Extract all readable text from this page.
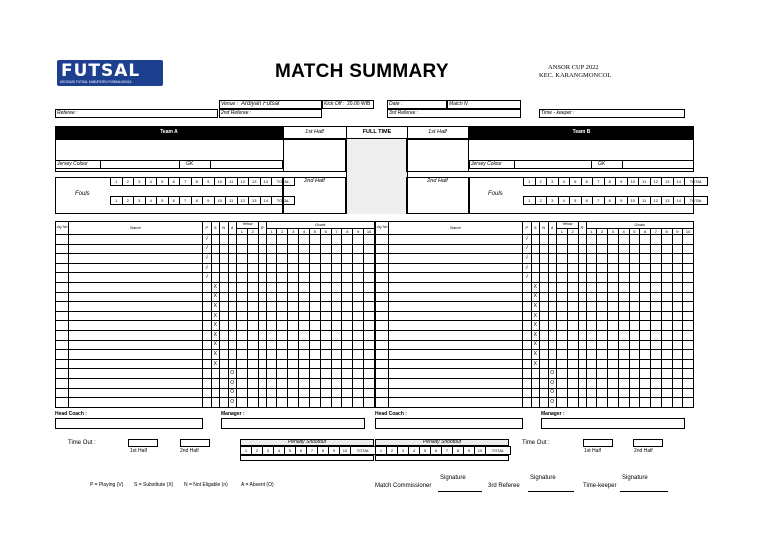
FUTSAL
ASOSIASI FUTSAL KABUPATEN PURBALINGGA	MATCH SUMMARY	ANSOR CUP 2022
KEC. KARANGMONCOL
Referee :
Venue : Ardiyan Futsal
2nd Referee :
Kick Off : 20.00 WIB	Date :	Match N
3rd Referee :	Time - keeper :
Team A	Team B
1st Half	FULL TIME	1st Half
Jersey Colour	GK	Jersey Colour	GK
2nd Half	2nd Half
Fouls
1	2	3	4	5	6	7	8	9	10	11	12	13	14	TOTAL
1	2	3	4	5	6	7	8	9	10	11	12	13	14	TOTAL
Fouls
1	2	3	4	5	6	7	8	9	10	11	12	13	14	TOTAL
1	2	3	4	5	6	7	8	9	10	11	12	13	14	TOTAL
Jsy No	Name	P	S	N	A	Yellow		R	Goals									
						1	2		1	2	3	4	5	6	7	8	9	10
		√																
		√																
		√																
		√																
		√																
			X															
			X															
			X															
			X															
			X															
			X															
			X															
			X															
			X															
					O													
					O													
					O													
					O													
Jsy No	Name	P	S	N	A	Yellow		R	Goals									
						1	2		1	2	3	4	5	6	7	8	9	10
		√																
		√																
		√																
		√																
		√																
			X															
			X															
			X															
			X															
			X															
			X															
			X															
			X															
			X															
					O													
					O													
					O													
					O													
Head Coach :	Manager :	Head Coach :	Manager :
Time Out :
1st Half	2nd Half
Time Out :
1st Half	2nd Half
Penalty Shootout
1	2	3	4	5	6	7	8	9	10	TOTAL
Penalty Shootout
1	2	3	4	5	6	7	8	9	10	TOTAL
P = Playing (V) S = Substitute (X) N = Not Eligable (n)	A = Absent (O)
Signature
Match Commissioner
Signature
3rd Referee
Signature
Time-keeper
